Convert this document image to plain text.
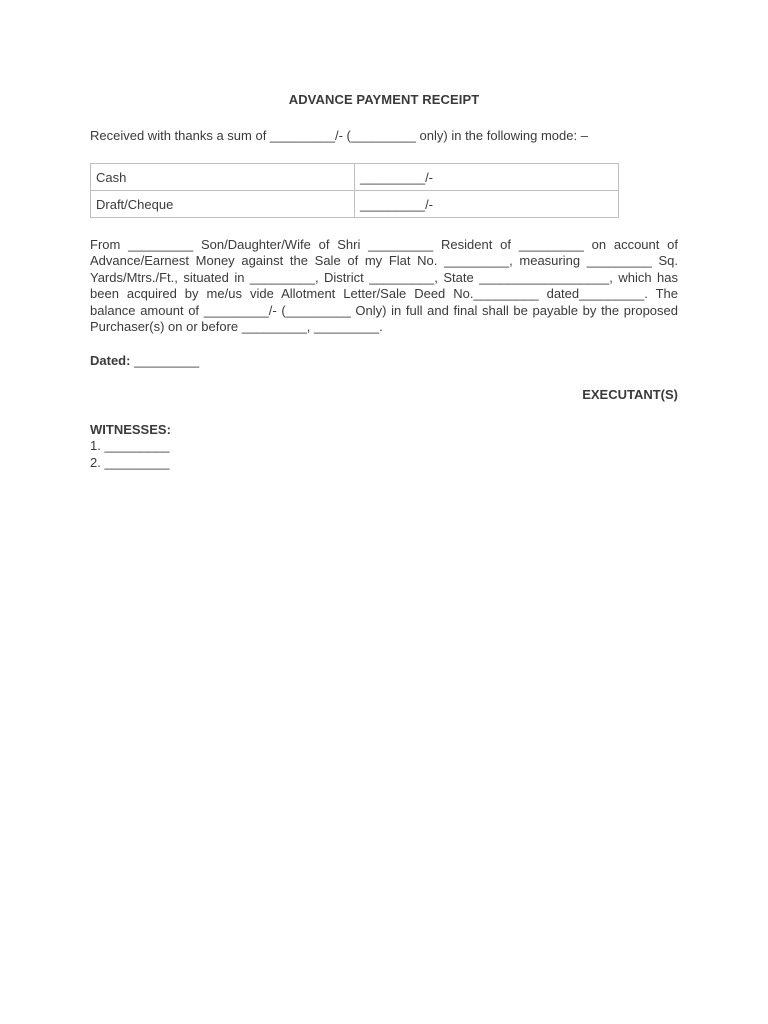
ADVANCE PAYMENT RECEIPT
Received with thanks a sum of _________/- (_________ only) in the following mode: –
Cash	_________/-
Draft/Cheque	_________/-
From _________ Son/Daughter/Wife of Shri _________ Resident of _________ on account of Advance/Earnest Money against the Sale of my Flat No. _________, measuring _________ Sq. Yards/Mtrs./Ft., situated in _________, District _________, State __________________, which has been acquired by me/us vide Allotment Letter/Sale Deed No._________ dated_________. The balance amount of _________/- (_________ Only) in full and final shall be payable by the proposed Purchaser(s) on or before _________, _________.
Dated: _________
EXECUTANT(S)
WITNESSES:
1. _________
2. _________
